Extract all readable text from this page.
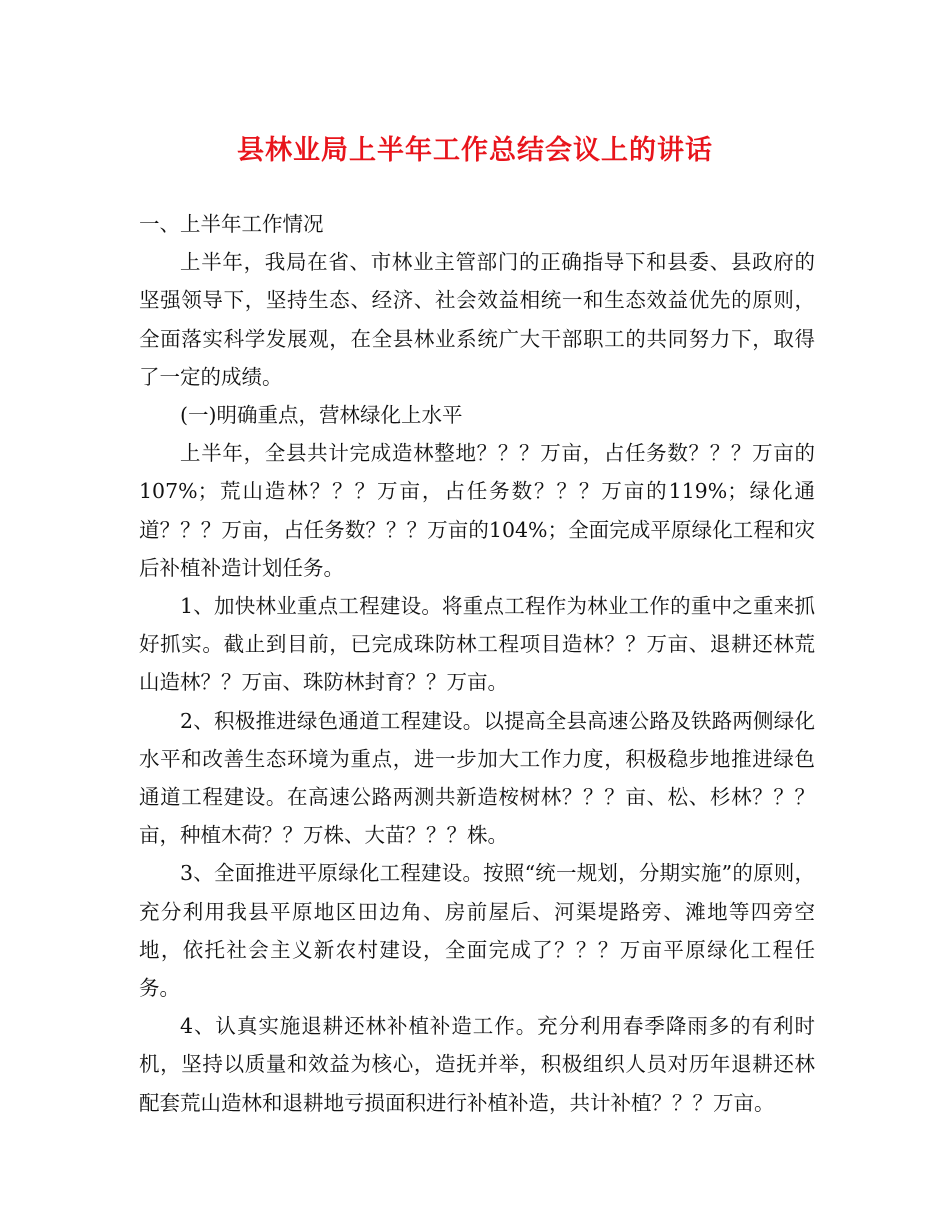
县林业局上半年工作总结会议上的讲话

一、上半年工作情况

上半年，我局在省、市林业主管部门的正确指导下和县委、县政府的坚强领导下，坚持生态、经济、社会效益相统一和生态效益优先的原则，全面落实科学发展观，在全县林业系统广大干部职工的共同努力下，取得了一定的成绩。

(一)明确重点，营林绿化上水平

上半年，全县共计完成造林整地？？？万亩，占任务数？？？万亩的107%；荒山造林？？？万亩，占任务数？？？万亩的119%；绿化通道？？？万亩，占任务数？？？万亩的104%；全面完成平原绿化工程和灾后补植补造计划任务。

1、加快林业重点工程建设。将重点工程作为林业工作的重中之重来抓好抓实。截止到目前，已完成珠防林工程项目造林？？万亩、退耕还林荒山造林？？万亩、珠防林封育？？万亩。

2、积极推进绿色通道工程建设。以提高全县高速公路及铁路两侧绿化水平和改善生态环境为重点，进一步加大工作力度，积极稳步地推进绿色通道工程建设。在高速公路两测共新造桉树林？？？亩、松、杉林？？？亩，种植木荷？？万株、大苗？？？株。

3、全面推进平原绿化工程建设。按照“统一规划，分期实施”的原则，充分利用我县平原地区田边角、房前屋后、河渠堤路旁、滩地等四旁空地，依托社会主义新农村建设，全面完成了？？？万亩平原绿化工程任务。

4、认真实施退耕还林补植补造工作。充分利用春季降雨多的有利时机，坚持以质量和效益为核心，造抚并举，积极组织人员对历年退耕还林配套荒山造林和退耕地亏损面积进行补植补造，共计补植？？？万亩。
